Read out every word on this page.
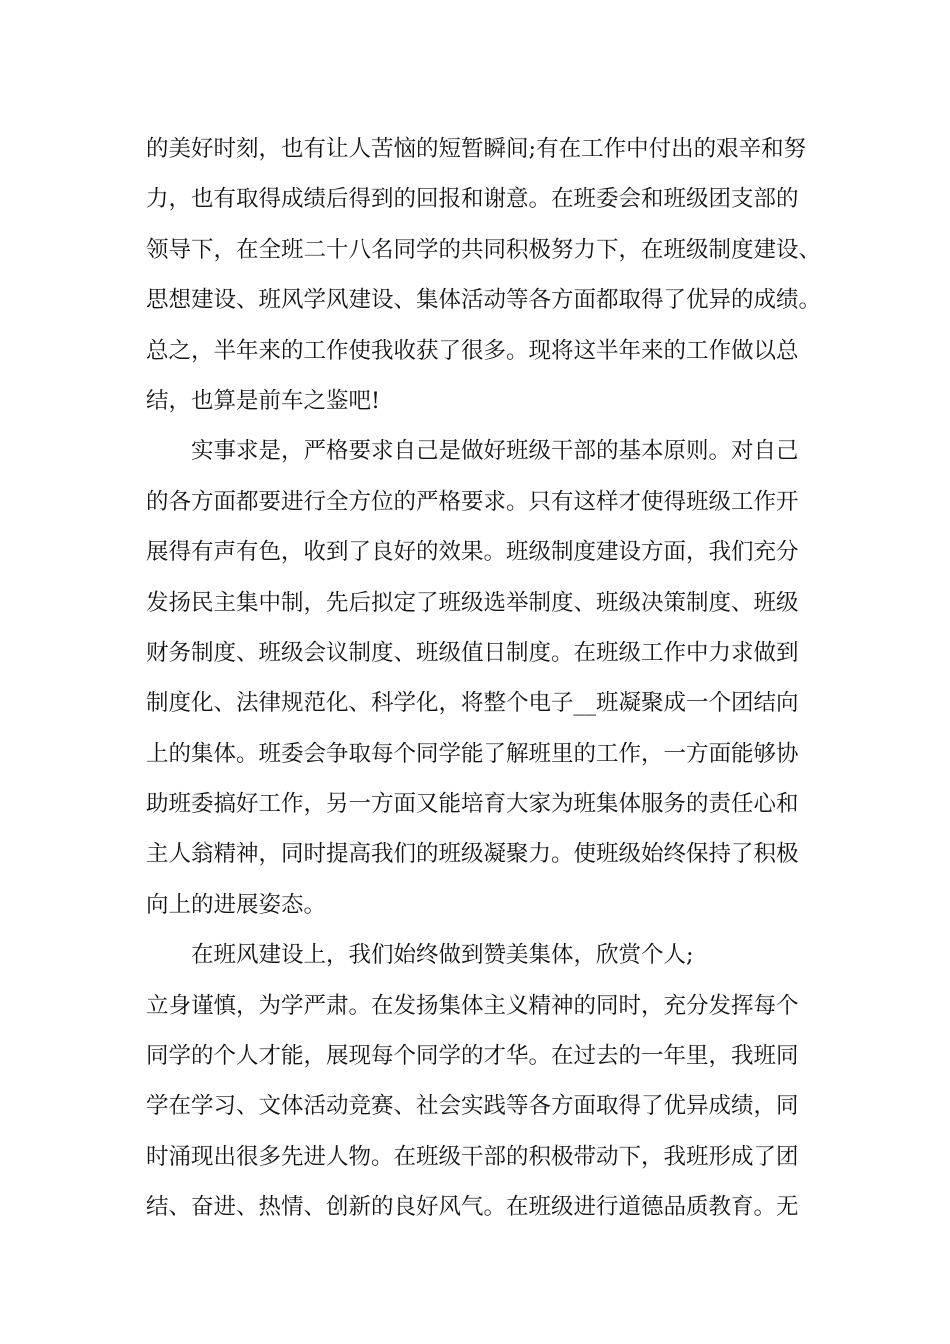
的美好时刻，也有让人苦恼的短暂瞬间;有在工作中付出的艰辛和努
力，也有取得成绩后得到的回报和谢意。在班委会和班级团支部的
领导下，在全班二十八名同学的共同积极努力下，在班级制度建设、
思想建设、班风学风建设、集体活动等各方面都取得了优异的成绩。
总之，半年来的工作使我收获了很多。现将这半年来的工作做以总
结，也算是前车之鉴吧!
实事求是，严格要求自己是做好班级干部的基本原则。对自己
的各方面都要进行全方位的严格要求。只有这样才使得班级工作开
展得有声有色，收到了良好的效果。班级制度建设方面，我们充分
发扬民主集中制，先后拟定了班级选举制度、班级决策制度、班级
财务制度、班级会议制度、班级值日制度。在班级工作中力求做到
制度化、法律规范化、科学化，将整个电子__班凝聚成一个团结向
上的集体。班委会争取每个同学能了解班里的工作，一方面能够协
助班委搞好工作，另一方面又能培育大家为班集体服务的责任心和
主人翁精神，同时提高我们的班级凝聚力。使班级始终保持了积极
向上的进展姿态。
在班风建设上，我们始终做到赞美集体，欣赏个人;
立身谨慎，为学严肃。在发扬集体主义精神的同时，充分发挥每个
同学的个人才能，展现每个同学的才华。在过去的一年里，我班同
学在学习、文体活动竞赛、社会实践等各方面取得了优异成绩，同
时涌现出很多先进人物。在班级干部的积极带动下，我班形成了团
结、奋进、热情、创新的良好风气。在班级进行道德品质教育。无
